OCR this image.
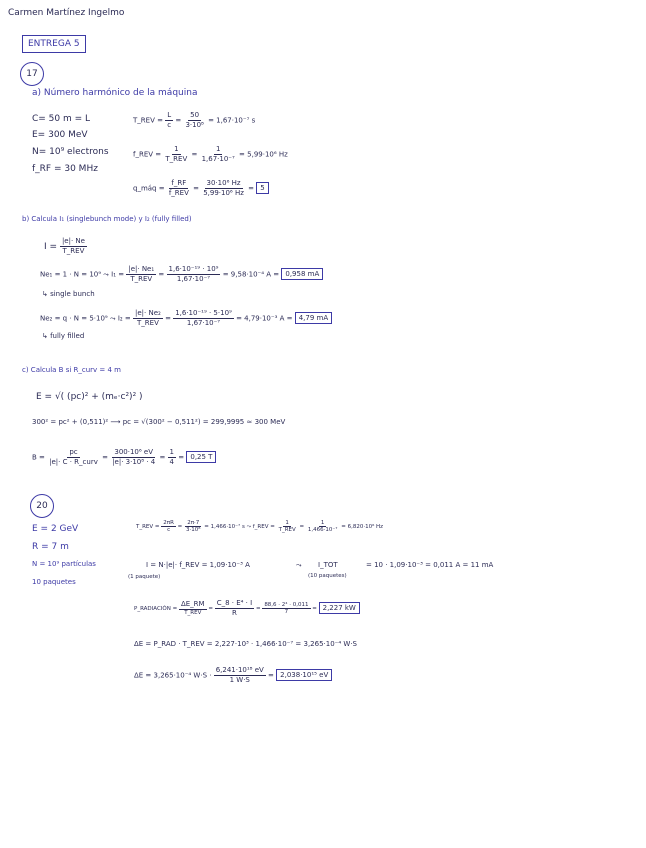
Carmen Martínez Ingelmo
ENTREGA 5
17
a) Número harmónico de la máquina
C= 50 m = L
E= 300 MeV
N= 10⁹ electrons
f_RF = 30 MHz
T_REV = $\frac{L}{c} = \frac{50}{\text{3·10⁸}} = 1,67\cdot 10^{-7}$ s
f_REV = $\frac{1}{\text{T\_REV}} = \frac{1}{\text{1,67·10⁻⁷}} = 5,99\cdot 10^6$ Hz
q_máq = $\frac{f\_RF}{\text{f\_REV}} = \frac{\text{30·10⁶ Hz}}{\text{5,99·10⁶ Hz}} = 5$
b) Calcula I₁ (singlebunch mode) y I₂ (fully filled)
$I = \frac{|e|\cdot Ne}{\text{T\_REV}}$
Ne₁ = 1 · N = 10⁹ ⤳ $I_1 = \frac{\text{|e|· Ne₁}}{\text{T\_REV}} = \frac{\text{1,6·10⁻¹⁹ · 10⁹}}{\text{1,67·10⁻⁷}} = 9,58\cdot 10^{-4}$ A = 0,958 mA
↳ single bunch
Ne₂ = q · N = 5·10⁹ ⤳ $I_2 = \frac{\text{|e|· Ne₂}}{\text{T\_REV}} = \frac{\text{1,6·10⁻¹⁹ · 5·10⁹}}{\text{1,67·10⁻⁷}} = 4,79\cdot 10^{-3}$ A = 4,79 mA
↳ fully filled
c) Calcula B si R_curv = 4 m
E = √( (pc)² + (mₑ·c²)² )
300² = pc² + (0,511)² ⟶ pc = √(300² − 0,511²) = 299,9995 ≃ 300 MeV
$B = \frac{pc}{\text{|e|· C · R\_curv}} = \frac{\text{300·10⁶ eV}}{\text{|e|· 3·10⁸ · 4}} = \frac{1}{4} = 0,25$ T
20
E = 2 GeV
R = 7 m
N = 10⁹ partículas
10 paquetes
T_REV = $\frac{2\pi R}{c} = \frac{2\pi\cdot 7}{\text{3·10⁸}} = 1,466\cdot 10^{-7}$ s ⤳ f_REV = $\frac{1}{\text{T\_REV}} = \frac{1}{\text{1,466·10⁻⁷}} = 6,820\cdot 10^6$ Hz
I = N·|e|· f_REV = 1,09·10⁻³ A
(1 paquete)
⤳ I_TOT
(10 paquetes)
= 10 · 1,09·10⁻³ = 0,011 A = 11 mA
P_RADIACIÓN = $\frac{\Delta E\_RM}{\text{T\_REV}} = \frac{\text{C\_8 · E⁴ · I}}{R} = \frac{\text{88,6 · 2⁴ · 0,011}}{7} = 2,227$ kW
ΔE = P_RAD · T_REV = 2,227·10³ · 1,466·10⁻⁷ = 3,265·10⁻⁴ W·S
ΔE = 3,265·10⁻⁴ $W\cdot S \cdot \frac{\text{6,241·10¹⁸ eV}}{1 W\cdot S} = 2,038\cdot 10^{15}$ eV
